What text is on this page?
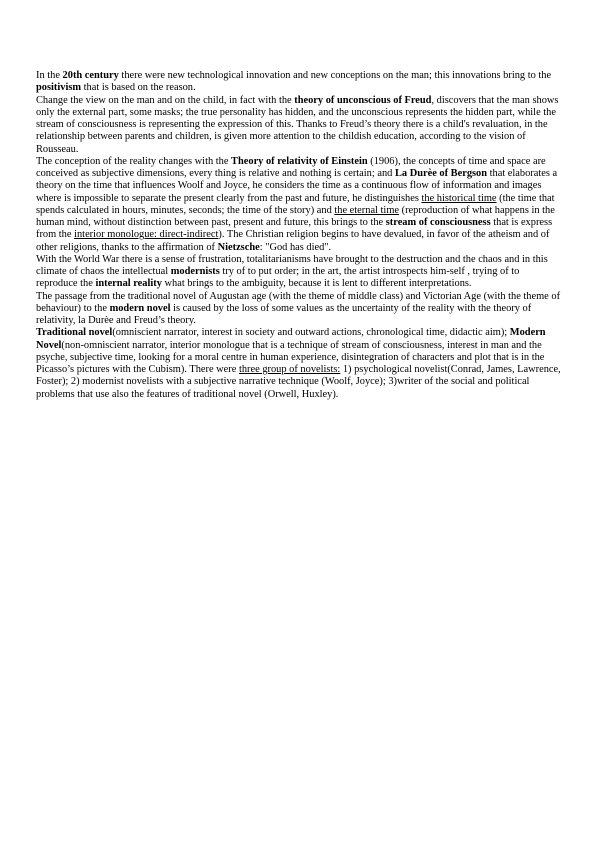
In the 20th century there were new technological innovation and new conceptions on the man; this innovations bring to the positivism that is based on the reason.

Change the view on the man and on the child, in fact with the theory of unconscious of Freud, discovers that the man shows only the external part, some masks; the true personality has hidden, and the unconscious represents the hidden part, while the stream of consciousness is representing the expression of this. Thanks to Freud’s theory there is a child's revaluation, in the relationship between parents and children, is given more attention to the childish education, according to the vision of Rousseau.

The conception of the reality changes with the Theory of relativity of Einstein (1906), the concepts of time and space are conceived as subjective dimensions, every thing is relative and nothing is certain; and La Durèe of Bergson that elaborates a theory on the time that influences Woolf and Joyce, he considers the time as a continuous flow of information and images where is impossible to separate the present clearly from the past and future, he distinguishes the historical time (the time that spends calculated in hours, minutes, seconds; the time of the story) and the eternal time (reproduction of what happens in the human mind, without distinction between past, present and future, this brings to the stream of consciousness that is express from the interior monologue: direct-indirect). The Christian religion begins to have devalued, in favor of the atheism and of other religions, thanks to the affirmation of Nietzsche: "God has died".

With the World War there is a sense of frustration, totalitarianisms have brought to the destruction and the chaos and in this climate of chaos the intellectual modernists try of to put order; in the art, the artist introspects him-self , trying of to reproduce the internal reality what brings to the ambiguity, because it is lent to different interpretations.

The passage from the traditional novel of Augustan age (with the theme of middle class) and Victorian Age (with the theme of behaviour) to the modern novel is caused by the loss of some values as the uncertainty of the reality with the theory of relativity, la Durèe and Freud’s theory.

Traditional novel(omniscient narrator, interest in society and outward actions, chronological time, didactic aim); Modern Novel(non-omniscient narrator, interior monologue that is a technique of stream of consciousness, interest in man and the psyche, subjective time, looking for a moral centre in human experience, disintegration of characters and plot that is in the Picasso’s pictures with the Cubism). There were three group of novelists: 1) psychological novelist(Conrad, James, Lawrence, Foster); 2) modernist novelists with a subjective narrative technique (Woolf, Joyce); 3)writer of the social and political problems that use also the features of traditional novel (Orwell, Huxley).
